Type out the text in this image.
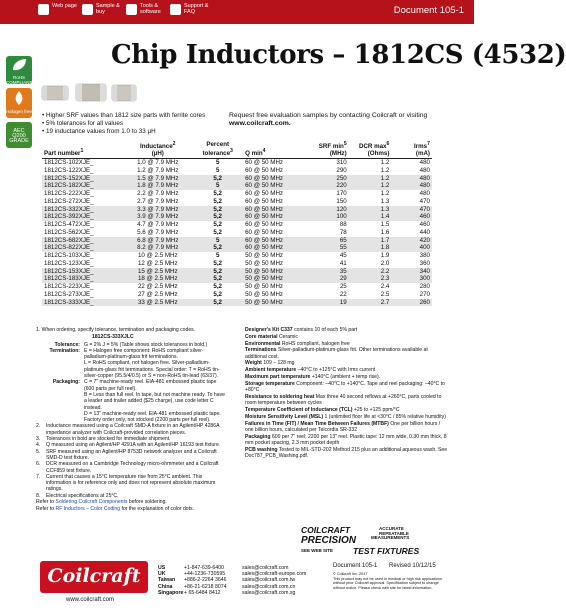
Web page	Sample & buy
Tools & software
Support & FAQ	Document 105-1
RoHS COMPLIANT
Halogen free
AEC Q200 GRADE
Chip Inductors – 1812CS (4532)
• Higher SRF values than 1812 size parts with ferrite cores
• 5% tolerances for all values
• 19 inductance values from 1.0 to 33 µH
Request free evaluation samples by contacting Coilcraft or visiting www.coilcraft.com.
Part number$^1$	Inductance$^2$
(µH)	Percent tolerance$^3$	Q $\min^4$	SRF $\min^5$
(MHz)	DCR $\max^6$
(Ohms)	Irms$^7$
(mA)
1812CS-102XJE_	1.0 @ 7.9 MHz	5	60 @ 50 MHz	310	1.2	480
1812CS-122XJE_	1.2 @ 7.9 MHz	5	60 @ 50 MHz	290	1.2	480
1812CS-152XJE_	1.5 @ 7.9 MHz	5,2	60 @ 50 MHz	250	1.2	480
1812CS-182XJE_	1.8 @ 7.9 MHz	5	60 @ 50 MHz	220	1.2	480
1812CS-222XJE_	2.2 @ 7.9 MHz	5,2	60 @ 50 MHz	170	1.2	480
1812CS-272XJE_	2.7 @ 7.9 MHz	5,2	60 @ 50 MHz	150	1.3	470
1812CS-332XJE_	3.3 @ 7.9 MHz	5,2	60 @ 50 MHz	120	1.3	470
1812CS-392XJE_	3.9 @ 7.9 MHz	5,2	60 @ 50 MHz	100	1.4	460
1812CS-472XJE_	4.7 @ 7.9 MHz	5,2	60 @ 50 MHz	88	1.5	460
1812CS-562XJE_	5.6 @ 7.9 MHz	5,2	60 @ 50 MHz	78	1.6	440
1812CS-682XJE_	6.8 @ 7.9 MHz	5	60 @ 50 MHz	65	1.7	420
1812CS-822XJE_	8.2 @ 7.9 MHz	5,2	60 @ 50 MHz	55	1.8	400
1812CS-103XJE_	10 @ 2.5 MHz	5	50 @ 50 MHz	45	1.9	380
1812CS-123XJE_	12 @ 2.5 MHz	5,2	50 @ 50 MHz	41	2.0	360
1812CS-153XJE_	15 @ 2.5 MHz	5,2	50 @ 50 MHz	35	2.2	340
1812CS-183XJE_	18 @ 2.5 MHz	5,2	50 @ 50 MHz	29	2.3	300
1812CS-223XJE_	22 @ 2.5 MHz	5,2	50 @ 50 MHz	25	2.4	280
1812CS-273XJE_	27 @ 2.5 MHz	5,2	50 @ 50 MHz	22	2.5	270
1812CS-333XJE_	33 @ 2.5 MHz	5,2	50 @ 50 MHz	19	2.7	260

1. When ordering, specify tolerance, termination and packaging codes.

1812CS-333XJLC

Tolerance: G = 2% J = 5% (Table shows stock tolerances in bold.)
Termination: E = Halogen free component: RoHS compliant silver-palladium-platinum-glass frit terminations.
L = RoHS compliant, not halogen free. Silver-palladium-platinum-glass frit terminations. Special order: T = RoHS tin-silver-copper (95.5/4/0.5) or S = non-RoHS tin-lead (63/37).
Packaging: C = 7" machine-ready reel. EIA-481 embossed plastic tape (600 parts per full reel).
B = Less than full reel. In tape, but not machine ready. To have a leader and trailer added ($25 charge), use code letter C instead.
D = 13" machine-ready reel. EIA-481 embossed plastic tape. Factory order only, not stocked (2200 parts per full reel).
2.	Inductance measured using a Coilcraft SMD-A fixture in an Agilent/HP 4286A impedance analyzer with Coilcraft-provided correlation pieces.
3.	Tolerances in bold are stocked for immediate shipment.
4.	Q measured using an Agilent/HP 4291A with an Agilent/HP 16193 test fixture.
5.	SRF measured using an Agilent/HP 8753D network analyzer and a Coilcraft SMD-D test fixture.
6.	DCR measured on a Cambridge Technology micro-ohmmeter and a Coilcraft CCF859 test fixture.
7.	Current that causes a 15°C temperature rise from 25°C ambient. This information is for reference only and does not represent absolute maximum ratings.
8.	Electrical specifications at 25°C.

Refer to Soldering Coilcraft Components before soldering.

Refer to RF Inductors – Color Coding for the explanation of color dots.

Designer's Kit C337 contains 10 of each 5% part

Core material Ceramic

Environmental RoHS compliant, halogen free

Terminations Silver-palladium-platinum-glass frit. Other terminations available at additional cost.

Weight 109 – 128 mg

Ambient temperature –40°C to +125°C with Irms current

Maximum part temperature +140°C (ambient + temp rise).

Storage temperature Component: –40°C to +140°C. Tape and reel packaging: –40°C to +80°C

Resistance to soldering heat Max three 40 second reflows at +260°C, parts cooled to room temperature between cycles

Temperature Coefficient of Inductance (TCL) +25 to +125 ppm/°C

Moisture Sensitivity Level (MSL) 1 (unlimited floor life at <30°C / 85% relative humidity)

Failures in Time (FIT) / Mean Time Between Failures (MTBF) One per billion hours / one billion hours, calculated per Telcordia SR-332

Packaging 600 per 7" reel; 2200 per 13" reel. Plastic tape: 12 mm wide, 0.30 mm thick, 8 mm pocket spacing, 2.3 mm pocket depth

PCB washing Tested to MIL-STD-202 Method 215 plus an additional aqueous wash. See Doc787_PCB_Washing.pdf.

COILCRAFT	ACCURATE REPEATABLE
PRECISION	MEASUREMENTS
SEE WEB SITE TEST FIXTURES
Coilcraft
www.coilcraft.com
US	+1-847-639-6400	sales@coilcraft.com
UK	+44-1236-730595	sales@coilcraft-europe.com
Taiwan	+886-2-2264 3646	sales@coilcraft.com.tw
China	+86-21-6218 8074	sales@coilcraft.com.cn
Singapore + 65-6484 8412	sales@coilcraft.com.sg
Document 105-1 Revised 10/12/15
© Coilcraft Inc. 2017
This product may not be used in medical or high risk applications without prior Coilcraft approval. Specification subject to change without notice. Please check web site for latest information.
